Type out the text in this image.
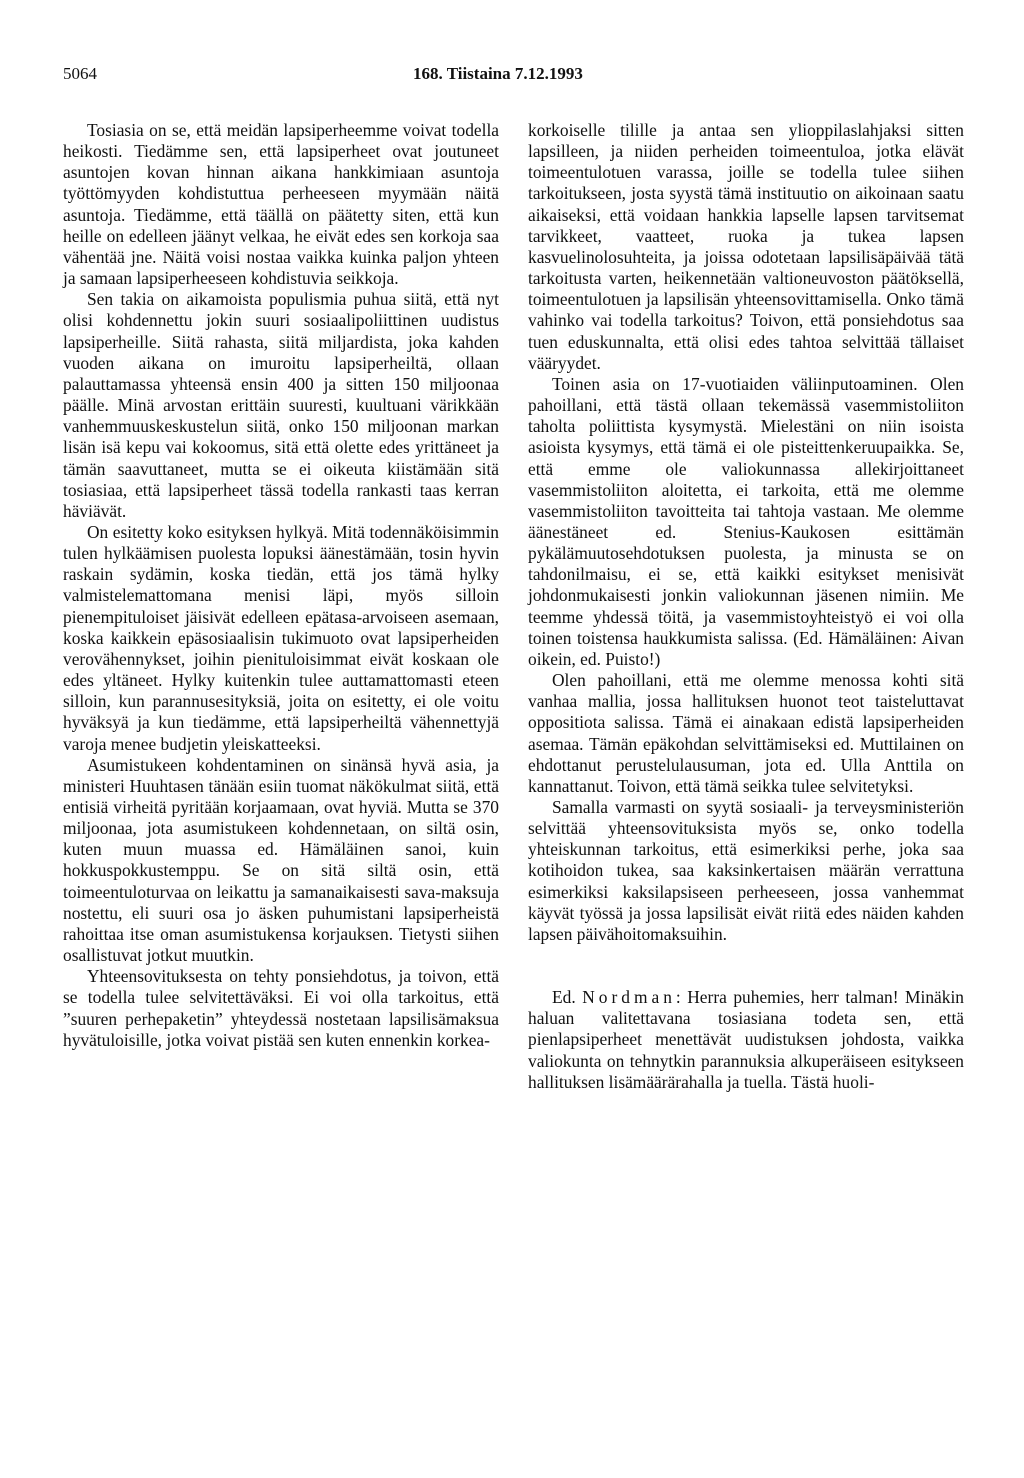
5064	168. Tiistaina 7.12.1993

Tosiasia on se, että meidän lapsiperheemme voivat todella heikosti. Tiedämme sen, että lapsiperheet ovat joutuneet asuntojen kovan hinnan aikana hankkimiaan asuntoja työttömyyden kohdistuttua perheeseen myymään näitä asuntoja. Tiedämme, että täällä on päätetty siten, että kun heille on edelleen jäänyt velkaa, he eivät edes sen korkoja saa vähentää jne. Näitä voisi nostaa vaikka kuinka paljon yhteen ja samaan lapsiperheeseen kohdistuvia seikkoja.

Sen takia on aikamoista populismia puhua siitä, että nyt olisi kohdennettu jokin suuri sosiaalipoliittinen uudistus lapsiperheille. Siitä rahasta, siitä miljardista, joka kahden vuoden aikana on imuroitu lapsiperheiltä, ollaan palauttamassa yhteensä ensin 400 ja sitten 150 miljoonaa päälle. Minä arvostan erittäin suuresti, kuultuani värikkään vanhemmuuskeskustelun siitä, onko 150 miljoonan markan lisän isä kepu vai kokoomus, sitä että olette edes yrittäneet ja tämän saavuttaneet, mutta se ei oikeuta kiistämään sitä tosiasiaa, että lapsiperheet tässä todella rankasti taas kerran häviävät.

On esitetty koko esityksen hylkyä. Mitä todennäköisimmin tulen hylkäämisen puolesta lopuksi äänestämään, tosin hyvin raskain sydämin, koska tiedän, että jos tämä hylky valmistelemattomana menisi läpi, myös silloin pienempituloiset jäisivät edelleen epätasa-arvoiseen asemaan, koska kaikkein epäsosiaalisin tukimuoto ovat lapsiperheiden verovähennykset, joihin pienituloisimmat eivät koskaan ole edes yltäneet. Hylky kuitenkin tulee auttamattomasti eteen silloin, kun parannusesityksiä, joita on esitetty, ei ole voitu hyväksyä ja kun tiedämme, että lapsiperheiltä vähennettyjä varoja menee budjetin yleiskatteeksi.

Asumistukeen kohdentaminen on sinänsä hyvä asia, ja ministeri Huuhtasen tänään esiin tuomat näkökulmat siitä, että entisiä virheitä pyritään korjaamaan, ovat hyviä. Mutta se 370 miljoonaa, jota asumistukeen kohdennetaan, on siltä osin, kuten muun muassa ed. Hämäläinen sanoi, kuin hokkuspokkustemppu. Se on sitä siltä osin, että toimeentuloturvaa on leikattu ja samanaikaisesti sava-maksuja nostettu, eli suuri osa jo äsken puhumistani lapsiperheistä rahoittaa itse oman asumistukensa korjauksen. Tietysti siihen osallistuvat jotkut muutkin.

Yhteensovituksesta on tehty ponsiehdotus, ja toivon, että se todella tulee selvitettäväksi. Ei voi olla tarkoitus, että ”suuren perhepaketin” yhteydessä nostetaan lapsilisämaksua hyvätuloisille, jotka voivat pistää sen kuten ennenkin korkea-

korkoiselle tilille ja antaa sen ylioppilaslahjaksi sitten lapsilleen, ja niiden perheiden toimeentuloa, jotka elävät toimeentulotuen varassa, joille se todella tulee siihen tarkoitukseen, josta syystä tämä instituutio on aikoinaan saatu aikaiseksi, että voidaan hankkia lapselle lapsen tarvitsemat tarvikkeet, vaatteet, ruoka ja tukea lapsen kasvuelinolosuhteita, ja joissa odotetaan lapsilisäpäivää tätä tarkoitusta varten, heikennetään valtioneuvoston päätöksellä, toimeentulotuen ja lapsilisän yhteensovittamisella. Onko tämä vahinko vai todella tarkoitus? Toivon, että ponsiehdotus saa tuen eduskunnalta, että olisi edes tahtoa selvittää tällaiset vääryydet.

Toinen asia on 17-vuotiaiden väliinputoaminen. Olen pahoillani, että tästä ollaan tekemässä vasemmistoliiton taholta poliittista kysymystä. Mielestäni on niin isoista asioista kysymys, että tämä ei ole pisteittenkeruupaikka. Se, että emme ole valiokunnassa allekirjoittaneet vasemmistoliiton aloitetta, ei tarkoita, että me olemme vasemmistoliiton tavoitteita tai tahtoja vastaan. Me olemme äänestäneet ed. Stenius-Kaukosen esittämän pykälämuutosehdotuksen puolesta, ja minusta se on tahdonilmaisu, ei se, että kaikki esitykset menisivät johdonmukaisesti jonkin valiokunnan jäsenen nimiin. Me teemme yhdessä töitä, ja vasemmistoyhteistyö ei voi olla toinen toistensa haukkumista salissa. (Ed. Hämäläinen: Aivan oikein, ed. Puisto!)

Olen pahoillani, että me olemme menossa kohti sitä vanhaa mallia, jossa hallituksen huonot teot taisteluttavat oppositiota salissa. Tämä ei ainakaan edistä lapsiperheiden asemaa. Tämän epäkohdan selvittämiseksi ed. Muttilainen on ehdottanut perustelulausuman, jota ed. Ulla Anttila on kannattanut. Toivon, että tämä seikka tulee selvitetyksi.

Samalla varmasti on syytä sosiaali- ja terveysministeriön selvittää yhteensovituksista myös se, onko todella yhteiskunnan tarkoitus, että esimerkiksi perhe, joka saa kotihoidon tukea, saa kaksinkertaisen määrän verrattuna esimerkiksi kaksilapsiseen perheeseen, jossa vanhemmat käyvät työssä ja jossa lapsilisät eivät riitä edes näiden kahden lapsen päivähoitomaksuihin.

Ed. Nordman: Herra puhemies, herr talman! Minäkin haluan valitettavana tosiasiana todeta sen, että pienlapsiperheet menettävät uudistuksen johdosta, vaikka valiokunta on tehnytkin parannuksia alkuperäiseen esitykseen hallituksen lisämäärärahalla ja tuella. Tästä huoli-
